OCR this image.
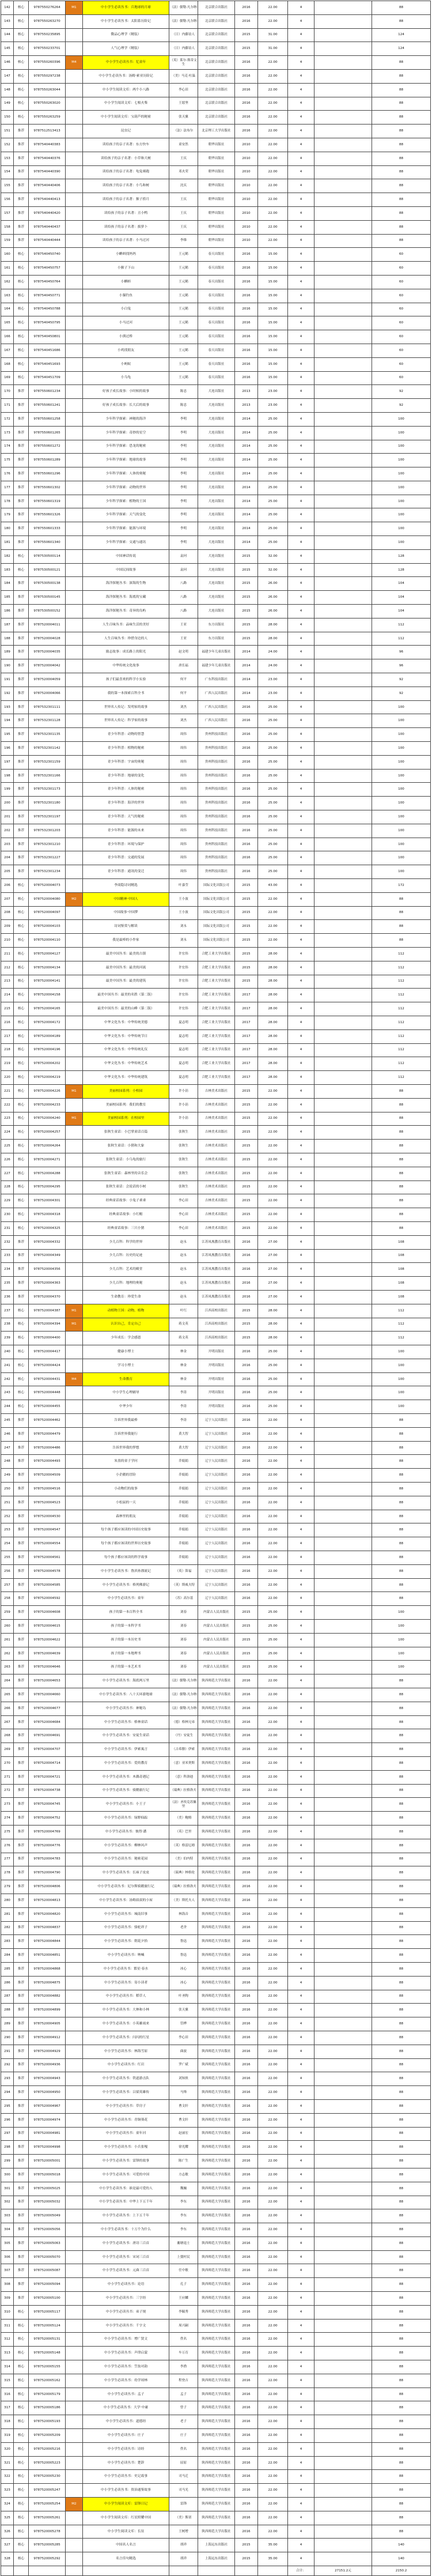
142	核心	9787550276264	M1	中小学生必读丛书：兵地球的月球	（法）儒勒·凡尔纳	北京联合出版社	2016	22.00	4		88
143	核心	9787550263270		中小学生必读丛书：太阳系历险记	（法）儒勒·凡尔纳	北京联合出版社	2016	22.00	4		88
144	核心	9787550235895		微品心理学（精装）	（日）内藤谊人	北京联合出版社	2015	31.00	4		124
145	核心	9787550233701		人气心理学（精装）	（日）内藤谊人	北京联合出版社	2015	31.00	4		124
146	核心	9787550260396	M4	中小学生必读丛书：忆童年	（英）莱尔·斯蒂文生	北京联合出版社	2016	22.00	4		88
147	核心	9787550297238		中小学生必读丛书：汤姆·索亚历险记	（美）马克·吐温	北京联合出版社	2016	22.00	4		88
148	核心	9787550263044		中小学生阅读文库：两个小八路	李心田	北京联合出版社	2016	22.00	4		88
149	核心	9787550263020		中小学生阅读文库：七根火柴	王愿坚	北京联合出版社	2016	22.00	4		88
150	核心	9787550263259		中小学生阅读文库：宝葫芦的秘密	张天翼	北京联合出版社	2016	22.00	4		88
151	推荐	9787512513413		昆虫记	（法）法布尔	北京理工大学出版社	2016	22.00	4		88
152	推荐	9787540440383		读给孩子的亲子名著：东方快车	童安然	朝华出版社	2010	22.00	4		88
153	推荐	9787540440376		读给孩子的亲子名著：小草和大树	王庆	朝华出版社	2010	22.00	4		88
154	推荐	9787540440390		读给孩子的亲子名著：龟兔赛跑	邓火荣	朝华出版社	2010	22.00	4		88
155	推荐	9787540440406		读给孩子的亲子名著：小鸟和树	沈庆	朝华出版社	2010	22.00	4		88
156	推荐	9787540440413		读给孩子的亲子名著：猴子捞月	王庆	朝华出版社	2010	22.00	4		88
157	推荐	9787540440420		读给孩子的亲子名著：丑小鸭	王庆	朝华出版社	2010	22.00	4		88
158	推荐	9787540440437		读给孩子的亲子名著：拔萝卜	王庆	朝华出版社	2010	22.00	4		88
159	推荐	9787540440444		读给孩子的亲子名著：小马过河	李维	朝华出版社	2010	22.00	4		88
160	核心	9787540450740		小蝌蚪找妈妈	王元鹤	春天出版社	2016	15.00	4		60
161	核心	9787540450757		小猴子下山	王元鹤	春天出版社	2016	15.00	4		60
162	核心	9787540450764		小蝌蚪	王元鹤	春天出版社	2016	15.00	4		60
163	核心	9787540450771		小猫钓鱼	王元鹤	春天出版社	2016	15.00	4		60
164	核心	9787540450788		小白兔	王元鹤	春天出版社	2016	15.00	4		60
165	核心	9787540450795		小马过河	王元鹤	春天出版社	2016	15.00	4		60
166	核心	9787540450801		小熊过桥	王元鹤	春天出版社	2016	15.00	4		60
167	核心	9787540451686		小鸡找朋友	王元鹤	春天出版社	2016	15.00	4		60
168	核心	9787540451693		小蚂蚁	王元鹤	春天出版社	2016	15.00	4		60
169	核心	9787540451709		小乌龟	王元鹤	春天出版社	2016	15.00	4		60
170	推荐	9787550601234		好孩子成长故事：小时候的故事	陈忠	大连出版社	2013	23.00	4		92
171	推荐	9787550601241		好孩子成长故事：长大后的故事	陈忠	大连出版社	2013	23.00	4		92
172	推荐	9787550601258		少年科学探索：神秘的海洋	李明	大连出版社	2014	25.00	4		100
173	推荐	9787550601265		少年科学探索：奇妙的星空	李明	大连出版社	2014	25.00	4		100
174	推荐	9787550601272		少年科学探索：恐龙的秘密	李明	大连出版社	2014	25.00	4		100
175	推荐	9787550601289		少年科学探索：地球的故事	李明	大连出版社	2014	25.00	4		100
176	推荐	9787550601296		少年科学探索：人体的奥秘	李明	大连出版社	2014	25.00	4		100
177	推荐	9787550601302		少年科学探索：动物的世界	李明	大连出版社	2014	25.00	4		100
178	推荐	9787550601319		少年科学探索：植物的王国	李明	大连出版社	2014	25.00	4		100
179	推荐	9787550601326		少年科学探索：天气的变化	李明	大连出版社	2014	25.00	4		100
180	推荐	9787550601333		少年科学探索：能源与环境	李明	大连出版社	2014	25.00	4		100
181	推荐	9787550601340		少年科学探索：交通与通讯	李明	大连出版社	2014	25.00	4		100
182	核心	9787530500114		中国神话传说	袁珂	大连出版社	2015	32.00	4		128
183	核心	9787530500121		中国民间故事	袁珂	大连出版社	2015	32.00	4		128
184	推荐	9787530500138		海洋探秘丛书：深海的生物	八路	大连出版社	2015	26.00	4		104
185	推荐	9787530500145		海洋探秘丛书：海底的宝藏	八路	大连出版社	2015	26.00	4		104
186	推荐	9787530500152		海洋探秘丛书：奇异的岛屿	八路	大连出版社	2015	26.00	4		104
187	推荐	9787520004011		人生百味丛书：品味生活的美好	王亚	东方出版社	2015	28.00	4		112
188	推荐	9787520004028		人生百味丛书：珍惜身边的人	王亚	东方出版社	2015	28.00	4		112
189	推荐	9787520004035		励志故事：成长路上的阳光	赵文明	福建少年儿童出版社	2014	24.00	4		96
190	推荐	9787520004042		中华传统文化故事	唐长福	福建少年儿童出版社	2014	24.00	4		96
191	推荐	9787520004059		孩子们最喜欢的科学小实验	何平	广东科技出版社	2014	23.00	4		92
192	推荐	9787520004066		我的第一本探索百科全书	何平	广西人民出版社	2014	23.00	4		92
193	推荐	9787532301111		世界名人传记：发明家的故事	刘杰	广西人民出版社	2016	25.00	4		100
194	推荐	9787532301128		世界名人传记：科学家的故事	刘杰	广西人民出版社	2016	25.00	4		100
195	推荐	9787532301135		青少年科普：动物的智慧	周伟	贵州科技出版社	2016	25.00	4		100
196	推荐	9787532301142		青少年科普：植物的秘密	周伟	贵州科技出版社	2016	25.00	4		100
197	推荐	9787532301159		青少年科普：宇宙的奥秘	周伟	贵州科技出版社	2016	25.00	4		100
198	推荐	9787532301166		青少年科普：地球的变化	周伟	贵州科技出版社	2016	25.00	4		100
199	推荐	9787532301173		青少年科普：人体的秘密	周伟	贵州科技出版社	2016	25.00	4		100
200	推荐	9787532301180		青少年科普：海洋的世界	周伟	贵州科技出版社	2016	25.00	4		100
201	推荐	9787532301197		青少年科普：天气的秘密	周伟	贵州科技出版社	2016	25.00	4		100
202	推荐	9787532301203		青少年科普：能源的未来	周伟	贵州科技出版社	2016	25.00	4		100
203	推荐	9787532301210		青少年科普：环境与保护	周伟	贵州科技出版社	2016	25.00	4		100
204	推荐	9787532301227		青少年科普：交通的发展	周伟	贵州科技出版社	2016	25.00	4		100
205	推荐	9787532301234		青少年科普：通讯的变迁	周伟	贵州科技出版社	2016	25.00	4		100
206	核心	9787520004073		李商隐诗词精选	叶嘉莹	国际文化出版公司	2015	43.00	4		172
207	核心	9787520004080	M2	中国精神·中国人	王小波	国际文化出版公司	2015	22.00	4		88
208	核心	9787520004097		中国故事·中国梦	王小波	国际文化出版公司	2015	22.00	4		88
209	核心	9787520004103		诗词鉴赏与解读	刘永	国际文化出版公司	2015	22.00	4		88
210	核心	9787520004110		我是最棒的小作家	刘永	国际文化出版公司	2015	22.00	4		88
211	核心	9787520004127		最美中国丛书：最美的古镇	许宏伟	合肥工业大学出版社	2015	28.00	4		112
212	核心	9787520004134		最美中国丛书：最美的河流	许宏伟	合肥工业大学出版社	2015	28.00	4		112
213	核心	9787520004141		最美中国丛书：最美的建筑	许宏伟	合肥工业大学出版社	2015	28.00	4		112
214	核心	9787520004158		最美中国丛书：最美的名胜（第二版）	许宏伟	合肥工业大学出版社	2017	28.00	4		112
215	核心	9787520004165		最美中国丛书：最美的山峰（第二版）	许宏伟	合肥工业大学出版社	2017	28.00	4		112
216	核心	9787520004172		中华文化丛书：中华传统美德	夏志明	合肥工业大学出版社	2017	28.00	4		112
217	核心	9787520004189		中华文化丛书：中华传统节日	夏志明	合肥工业大学出版社	2017	28.00	4		112
218	核心	9787520004196		中华文化丛书：中华传统礼仪	夏志明	合肥工业大学出版社	2017	28.00	4		112
219	核心	9787520004202		中华文化丛书：中华传统艺术	夏志明	合肥工业大学出版社	2017	28.00	4		112
220	核心	9787520004219		中华文化丛书：中华传统建筑	夏志明	合肥工业大学出版社	2017	28.00	4		112
221	核心	9787520004226	M1	美丽校园系列：小校园	许小涓	吉林美术出版社	2015	22.00	4		88
222	核心	9787520004233		美丽校园系列：我们的教室	许小涓	吉林美术出版社	2015	22.00	4		88
223	核心	9787520004240	M1	美丽校园系列：在校园里	许小涓	吉林美术出版社	2015	22.00	4		88
224	核心	9787520004257		张秋生童话：小巴掌童话百篇	张秋生	吉林美术出版社	2015	22.00	4		88
225	核心	9787520004264		张秋生童话：小猪和大象	张秋生	吉林美术出版社	2015	22.00	4		88
226	核心	9787520004271		张秋生童话：小乌龟的旅行	张秋生	吉林美术出版社	2015	22.00	4		88
227	核心	9787520004288		张秋生童话：森林里的音乐会	张秋生	吉林美术出版社	2015	22.00	4		88
228	核心	9787520004295		张秋生童话：会说话的小树	张秋生	吉林美术出版社	2015	22.00	4		88
229	核心	9787520004301		经典童话故事：小兔子乖乖	李心田	吉林美术出版社	2015	22.00	4		88
230	核心	9787520004318		经典童话故事：小红帽	李心田	吉林美术出版社	2015	22.00	4		88
231	核心	9787520004325		经典童话故事：三只小猪	李心田	吉林美术出版社	2015	22.00	4		88
232	推荐	9787520004332		少儿百科：科学的世界	赵永	江苏凤凰教育出版社	2016	27.00	4		108
233	推荐	9787520004349		少儿百科：历史的足迹	赵永	江苏凤凰教育出版社	2016	27.00	4		108
234	推荐	9787520004356		少儿百科：艺术的殿堂	赵永	江苏凤凰教育出版社	2016	27.00	4		108
235	推荐	9787520004363		少儿百科：地理的奥秘	赵永	江苏凤凰教育出版社	2016	27.00	4		108
236	推荐	9787520004370		生命教育：珍爱生命	赵永	江苏凤凰教育出版社	2016	27.00	4		108
237	核心	9787520004387	M1	动植物王国：动物，植物	叶红	江西高校出版社	2015	28.00	4		112
238	核心	9787520004394	M1	认识自己，肯定自己	蒋文英	江西高校出版社	2015	28.00	4		112
239	核心	9787520004400		少年成长：学会感恩	蒋文英	江西高校出版社	2015	28.00	4		112
240	核心	9787520004417		健康小博士	林金	开明出版社	2016	25.00	4		100
241	核心	9787520004424		学习小博士	林金	开明出版社	2016	25.00	4		100
242	核心	9787520004431	M4	生命教育	林金	开明出版社	2016	25.00	4		100
243	核心	9787520004448		中小学生心理辅导	李涛	开明出版社	2016	25.00	4		100
244	核心	9787520004455		中华少年	李涛	开明出版社	2016	25.00	4		100
245	推荐	9787520004462		告诉世界我最棒	李涛	辽宁人民出版社	2016	22.00	4		88
246	推荐	9787520004479		告诉世界我能行	黄大智	辽宁人民出版社	2016	22.00	4		88
247	推荐	9787520004486		告诉世界我的梦想	黄大智	辽宁人民出版社	2016	22.00	4		88
248	推荐	9787520004493		朱熹的童子学问	乔娟娟	辽宁人民出版社	2016	22.00	4		88
249	推荐	9787520004509		小企鹅的冒险	乔娟娟	辽宁人民出版社	2016	22.00	4		88
250	推荐	9787520004516		小动物们的故事	乔娟娟	辽宁人民出版社	2016	22.00	4		88
251	推荐	9787520004523		小松鼠的一天	乔娟娟	辽宁人民出版社	2016	22.00	4		88
252	推荐	9787520004530		森林里的朋友	乔娟娟	辽宁人民出版社	2016	22.00	4		88
253	推荐	9787520004547		每个孩子都应该读的中国历史故事	乔娟娟	辽宁人民出版社	2016	22.00	4		88
254	推荐	9787520004554		每个孩子都应该读的世界历史故事	乔娟娟	辽宁人民出版社	2016	22.00	4		88
255	推荐	9787520004561		每个孩子都应该读的科学故事	乔娟娟	辽宁人民出版社	2016	22.00	4		88
256	推荐	9787520004578		中小学生必读丛书：鲁滨孙漂流记	（英）笛福	辽宁人民出版社	2016	22.00	4		88
257	推荐	9787520004585		中小学生必读丛书：格列佛游记	（英）斯威夫特	辽宁人民出版社	2016	22.00	4		88
258	推荐	9787520004592		中小学生必读丛书：童年	（苏）高尔基	辽宁人民出版社	2016	22.00	4		88
259	推荐	9787520004608		孩子的第一本百科全书	刘春	内蒙古人民出版社	2015	25.00	4		100
260	推荐	9787520004615		孩子的第一本科学书	刘春	内蒙古人民出版社	2015	25.00	4		100
261	推荐	9787520004622		孩子的第一本历史书	刘春	内蒙古人民出版社	2015	25.00	4		100
262	推荐	9787520004639		孩子的第一本地理书	刘春	内蒙古人民出版社	2015	25.00	4		100
263	推荐	9787520004646		孩子的第一本艺术书	刘春	内蒙古人民出版社	2015	25.00	4		100
264	推荐	9787520004653		中小学生必读丛书：海底两万里	（法）儒勒·凡尔纳	陕西师范大学出版社	2016	22.00	4		88
265	推荐	9787520004660		中小学生必读丛书：八十天环游地球	（法）儒勒·凡尔纳	陕西师范大学出版社	2016	22.00	4		88
266	推荐	9787520004677		中小学生必读丛书：神秘岛	（法）儒勒·凡尔纳	陕西师范大学出版社	2016	22.00	4		88
267	推荐	9787520004684		中小学生必读丛书：格林童话	（德）格林兄弟	陕西师范大学出版社	2016	22.00	4		88
268	推荐	9787520004691		中小学生必读丛书：安徒生童话	（丹）安徒生	陕西师范大学出版社	2016	22.00	4		88
269	推荐	9787520004707		中小学生必读丛书：伊索寓言	（古希腊）伊索	陕西师范大学出版社	2016	22.00	4		88
270	推荐	9787520004714		中小学生必读丛书：爱的教育	（意）亚米契斯	陕西师范大学出版社	2016	22.00	4		88
271	推荐	9787520004721		中小学生必读丛书：木偶奇遇记	（意）科洛迪	陕西师范大学出版社	2016	22.00	4		88
272	推荐	9787520004738		中小学生必读丛书：骑鹅旅行记	（瑞典）拉格洛夫	陕西师范大学出版社	2016	22.00	4		88
273	推荐	9787520004745		中小学生必读丛书：小王子	（法）圣埃克苏佩里	陕西师范大学出版社	2016	22.00	4		88
274	推荐	9787520004752		中小学生必读丛书：绿野仙踪	（美）鲍姆	陕西师范大学出版社	2016	22.00	4		88
275	推荐	9787520004769		中小学生必读丛书：彼得·潘	（英）巴里	陕西师范大学出版社	2016	22.00	4		88
276	推荐	9787520004776		中小学生必读丛书：柳林风声	（英）格雷厄姆	陕西师范大学出版社	2016	22.00	4		88
277	推荐	9787520004783		中小学生必读丛书：秘密花园	（美）伯内特	陕西师范大学出版社	2016	22.00	4		88
278	推荐	9787520004790		中小学生必读丛书：长袜子皮皮	（瑞典）林格伦	陕西师范大学出版社	2016	22.00	4		88
279	推荐	9787520004806		中小学生必读丛书：尼尔斯骑鹅旅行记	（瑞典）拉格洛夫	陕西师范大学出版社	2016	22.00	4		88
280	推荐	9787520004813		中小学生必读丛书：汤姆叔叔的小屋	（美）斯托夫人	陕西师范大学出版社	2016	22.00	4		88
281	推荐	9787520004820		中小学生必读丛书：城南旧事	林海音	陕西师范大学出版社	2016	22.00	4		88
282	推荐	9787520004837		中小学生必读丛书：骆驼祥子	老舍	陕西师范大学出版社	2016	22.00	4		88
283	推荐	9787520004844		中小学生必读丛书：朝花夕拾	鲁迅	陕西师范大学出版社	2016	22.00	4		88
284	推荐	9787520004851		中小学生必读丛书：呐喊	鲁迅	陕西师范大学出版社	2016	22.00	4		88
285	推荐	9787520004868		中小学生必读丛书：繁星·春水	冰心	陕西师范大学出版社	2016	22.00	4		88
286	推荐	9787520004875		中小学生必读丛书：寄小读者	冰心	陕西师范大学出版社	2016	22.00	4		88
287	推荐	9787520004882		中小学生必读丛书：稻草人	叶圣陶	陕西师范大学出版社	2016	22.00	4		88
288	推荐	9787520004899		中小学生必读丛书：大林和小林	张天翼	陕西师范大学出版社	2016	22.00	4		88
289	推荐	9787520004905		中小学生必读丛书：小英雄雨来	管桦	陕西师范大学出版社	2016	22.00	4		88
290	推荐	9787520004912		中小学生必读丛书：闪闪的红星	李心田	陕西师范大学出版社	2016	22.00	4		88
291	推荐	9787520004929		中小学生必读丛书：林海雪原	曲波	陕西师范大学出版社	2016	22.00	4		88
292	推荐	9787520004936		中小学生必读丛书：红岩	罗广斌	陕西师范大学出版社	2016	22.00	4		88
293	推荐	9787520004943		中小学生必读丛书：铁道游击队	刘知侠	陕西师范大学出版社	2016	22.00	4		88
294	推荐	9787520004950		中小学生必读丛书：吕梁英雄传	马烽	陕西师范大学出版社	2016	22.00	4		88
295	推荐	9787520004967		中小学生必读丛书：草房子	曹文轩	陕西师范大学出版社	2016	22.00	4		88
296	推荐	9787520004974		中小学生必读丛书：青铜葵花	曹文轩	陕西师范大学出版社	2016	22.00	4		88
297	推荐	9787520004981		中小学生必读丛书：童年河	赵丽宏	陕西师范大学出版社	2016	22.00	4		88
298	推荐	9787520004998		中小学生必读丛书：小兵张嘎	徐光耀	陕西师范大学出版社	2016	22.00	4		88
299	推荐	9787520005001		中小学生必读丛书：雷锋的故事	陈广生	陕西师范大学出版社	2016	22.00	4		88
300	推荐	9787520005018		中小学生必读丛书：可爱的中国	方志敏	陕西师范大学出版社	2016	22.00	4		88
301	推荐	9787520005025		中小学生必读丛书：谁是最可爱的人	魏巍	陕西师范大学出版社	2016	22.00	4		88
302	推荐	9787520005032		中小学生必读丛书：中华上下五千年	李东	陕西师范大学出版社	2016	22.00	4		88
303	推荐	9787520005049		中小学生必读丛书：上下五千年	李东	陕西师范大学出版社	2016	22.00	4		88
304	推荐	9787520005056		中小学生必读丛书：十万个为什么	李东	陕西师范大学出版社	2016	22.00	4		88
305	推荐	9787520005063		中小学生必读丛书：唐诗三百首	蘅塘退士	陕西师范大学出版社	2016	22.00	4		88
306	推荐	9787520005070		中小学生必读丛书：宋词三百首	上彊村民	陕西师范大学出版社	2016	22.00	4		88
307	推荐	9787520005087		中小学生必读丛书：元曲三百首	任中敏	陕西师范大学出版社	2016	22.00	4		88
308	推荐	9787520005094		中小学生必读丛书：论语	孔子	陕西师范大学出版社	2016	22.00	4		88
309	推荐	9787520005100		中小学生必读丛书：三字经	王应麟	陕西师范大学出版社	2016	22.00	4		88
310	核心	9787520005117		中小学生必读丛书：弟子规	李毓秀	陕西师范大学出版社	2016	22.00	4		88
311	核心	9787520005124		中小学生必读丛书：千字文	周兴嗣	陕西师范大学出版社	2016	22.00	4		88
312	核心	9787520005131		中小学生必读丛书：增广贤文	佚名	陕西师范大学出版社	2016	22.00	4		88
313	核心	9787520005148		中小学生必读丛书：声律启蒙	车万育	陕西师范大学出版社	2016	22.00	4		88
314	核心	9787520005155		中小学生必读丛书：笠翁对韵	李渔	陕西师范大学出版社	2016	22.00	4		88
315	核心	9787520005162		中小学生必读丛书：幼学琼林	程登吉	陕西师范大学出版社	2016	22.00	4		88
316	核心	9787520005179		中小学生必读丛书：孟子	孟子	陕西师范大学出版社	2016	22.00	4		88
317	核心	9787520005186		中小学生必读丛书：大学·中庸	曾子	陕西师范大学出版社	2016	22.00	4		88
318	核心	9787520005193		中小学生必读丛书：道德经	老子	陕西师范大学出版社	2016	22.00	4		88
319	核心	9787520005209		中小学生必读丛书：庄子	庄子	陕西师范大学出版社	2016	22.00	4		88
320	核心	9787520005216		中小学生必读丛书：诗经	佚名	陕西师范大学出版社	2016	22.00	4		88
321	核心	9787520005223		中小学生必读丛书：楚辞	屈原	陕西师范大学出版社	2016	22.00	4		88
322	核心	9787520005230		中小学生必读丛书：史记故事	司马迁	陕西师范大学出版社	2016	22.00	4		88
323	核心	9787520005247		中小学生必读丛书：资治通鉴故事	司马光	陕西师范大学出版社	2016	22.00	4		88
324	核心	9787520005254	M2	中小学生阅读文库：雷锋日记	雷锋	陕西师范大学出版社	2016	22.00	4		88
325	核心	9787520005261		中小学生阅读文库：红星照耀中国	（美）斯诺	陕西师范大学出版社	2016	22.00	4		88
326	核心	9787520005278		中小学生阅读文库：长征	王树增	陕西师范大学出版社	2016	22.00	4		88
327	核心	9787520005285		中国名人名言	胡祥	上海远东出版社	2015	35.00	4		140
328	核心	9787520005292		名言佳句精选	胡祥	上海远东出版社	2015	35.00	4		140
									合计：	27151.2元	2150.2
